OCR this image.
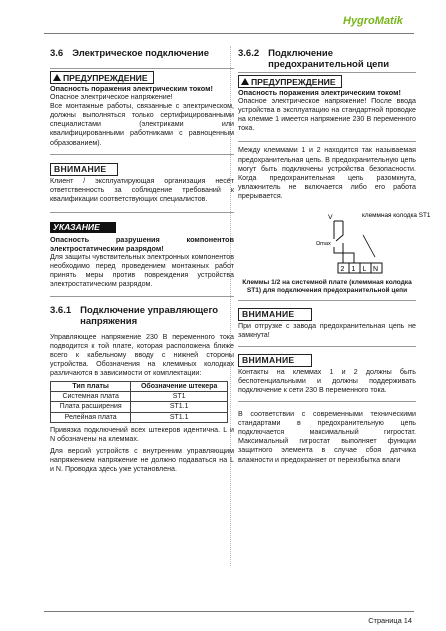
HygroMatik
3.6 Электрическое подключение
ПРЕДУПРЕЖДЕНИЕ

Опасность поражения электрическим током!

Опасное электрическое напряжение!

Все монтажные работы, связанные с электрическом, должны выполняться только сертифицированными специалистами (электриками или квалифицированными работниками с равноценным образованием).

ВНИМАНИЕ

Клиент / эксплуатирующая организация несёт ответственность за соблюдение требований к квалификации соответствующих специалистов.

УКАЗАНИЕ

Опасность разрушения компонентов электростатическим разрядом!

Для защиты чувствительных электронных компонентов необходимо перед проведением монтажных работ принять меры против повреждения устройства электростатическим разрядом.

3.6.1 Подключение управляющего напряжения

Управляющее напряжение 230 В переменного тока подводится к той плате, которая расположена ближе всего к кабельному вводу с нижней стороны устройства. Обозначения на клеммных колодках различаются в зависимости от комплектации:

Тип платы	Обозначение штекера
Системная плата	ST1
Плата расширения	ST1.1
Релейная плата	ST1.1

Привязка подключений всех штекеров идентична. L и N обозначены на клеммах.

Для версий устройств с внутренним управляющим напряжением напряжение не должно подаваться на L и N. Проводка здесь уже установлена.

3.6.2 Подключение предохранительной цепи
ПРЕДУПРЕЖДЕНИЕ

Опасность поражения электрическим током!

Опасное электрическое напряжение! После ввода устройства в эксплуатацию на стандартной проводке на клемме 1 имеется напряжение 230 В переменного тока.

Между клеммами 1 и 2 находится так называемая предохранительная цепь. В предохранительную цепь могут быть подключены устройства безопасности. Когда предохранительная цепь разомкнута, увлажнитель не включается либо его работа прерывается.

V
Ωmax
клеммная колодка ST1
2 1 L N

Клеммы 1/2 на системной плате (клеммная колодка ST1) для подключения предохранительной цепи

ВНИМАНИЕ

При отгрузке с завода предохранительная цепь не замкнута!

ВНИМАНИЕ

Контакты на клеммах 1 и 2 должны быть беспотенциальными и должны поддерживать подключение к сети 230 В переменного тока.

В соответствии с современными техническими стандартами в предохранительную цепь подключается максимальный гигростат. Максимальный гигростат выполняет функции защитного элемента в случае сбоя датчика влажности и предохраняет от переизбытка влаги

Страница 14
